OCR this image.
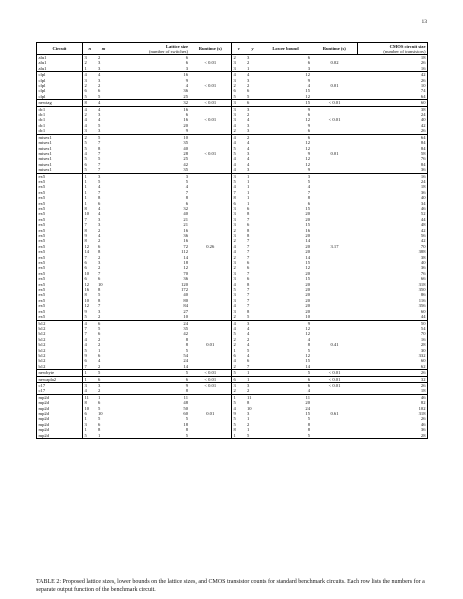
13
Circuit	n	m	Lattice size
(number of switches)	Runtime (s)	v	y	Lower bound	Runtime (s)	CMOS circuit size
(number of transistors)

alu1	3	2	6		2	3	6		18
alu1	2	3	6	< 0.01	3	2	6	0.02	26
alu1	1	3	3		3	1	3		16
clpl	4	4	16		4	4	12		42
clpl	3	3	9		3	3	9		26
clpl	2	2	4	< 0.01	2	2	4	0.01	10
clpl	6	6	36		6	6	15		74
clpl	5	5	25		5	5	12		64
newtag	8	4	32	< 0.01	3	6	15	< 0.01	60
dc1	4	4	16		3	3	9		38
dc1	2	3	6		3	2	6		24
dc1	4	4	16	< 0.01	3	4	12	< 0.01	40
dc1	4	5	20		4	3	9		42
dc1	3	3	9		2	3	6		26
misex1	2	5	10		4	2	6		64
misex1	5	7	35		4	4	12		84
misex1	5	8	40		5	4	12		84
misex1	4	7	28	< 0.01	5	3	9	0.01	58
misex1	5	5	25		4	4	12		76
misex1	6	7	42		4	4	12		84
misex1	5	7	35		4	3	9		36
ex5	1	3	3		3	1	3		16
ex5	1	5	5		5	1	5		24
ex5	1	4	4		4	1	4		18
ex5	1	7	7		7	1	7		36
ex5	1	8	8		8	1	8		40
ex5	1	6	6		6	1	6		34
ex5	8	4	32		3	6	15		46
ex5	10	4	40		3	8	20		52
ex5	7	3	21		3	7	20		44
ex5	7	3	21		3	6	15		48
ex5	8	2	16		2	8	16		42
ex5	9	4	36		3	8	20		56
ex5	8	2	16		2	7	14		42
ex5	12	6	72	0.26	4	7	20	3.17	70
ex5	14	8	112		4	7	20		388
ex5	7	2	14		2	7	14		38
ex5	6	3	18		3	6	15		40
ex5	6	2	12		2	6	12		36
ex5	10	7	70		3	7	20		76
ex5	6	6	36		3	6	15		66
ex5	12	10	120		4	8	20		318
ex5	16	8	172		5	7	20		350
ex5	8	5	40		3	7	20		86
ex5	10	8	80		3	7	20		116
ex5	12	7	84		4	7	20		356
ex5	9	3	27		3	8	20		60
ex5	5	2	10		2	5	10		44
b12	4	6	24		4	3	9		50
b12	7	5	35		4	4	12		54
b12	7	6	42		5	4	12		70
b12	4	2	8		2	2	4		16
b12	4	2	8	0.01	2	4	8	0.41	28
b12	5	1	5		1	5	5		30
b12	9	6	54		6	4	12		332
b12	6	4	24		4	6	15		60
b12	7	2	14		2	7	14		62
newbyte	1	5	5	< 0.01	5	1	5	< 0.01	26
newapla2	1	6	6	< 0.01	6	1	6	< 0.01	32
c17	3	3	9	< 0.01	3	3	6	< 0.01	26
c17	4	2	8		2	2	4		18
mp2d	11	1	11		1	11	11		46
mp2d	8	6	48		5	8	20		82
mp2d	10	5	50		4	10	24		102
mp2d	6	10	60	0.01	9	3	15	0.61	318
mp2d	1	5	5		5	1	5		26
mp2d	3	6	18		5	2	8		46
mp2d	1	8	8		8	1	8		36
mp2d	5	1	5		1	5	5		28
TABLE 2: Proposed lattice sizes, lower bounds on the lattice sizes, and CMOS transistor counts for standard benchmark circuits. Each row lists the numbers for a separate output function of the benchmark circuit.
